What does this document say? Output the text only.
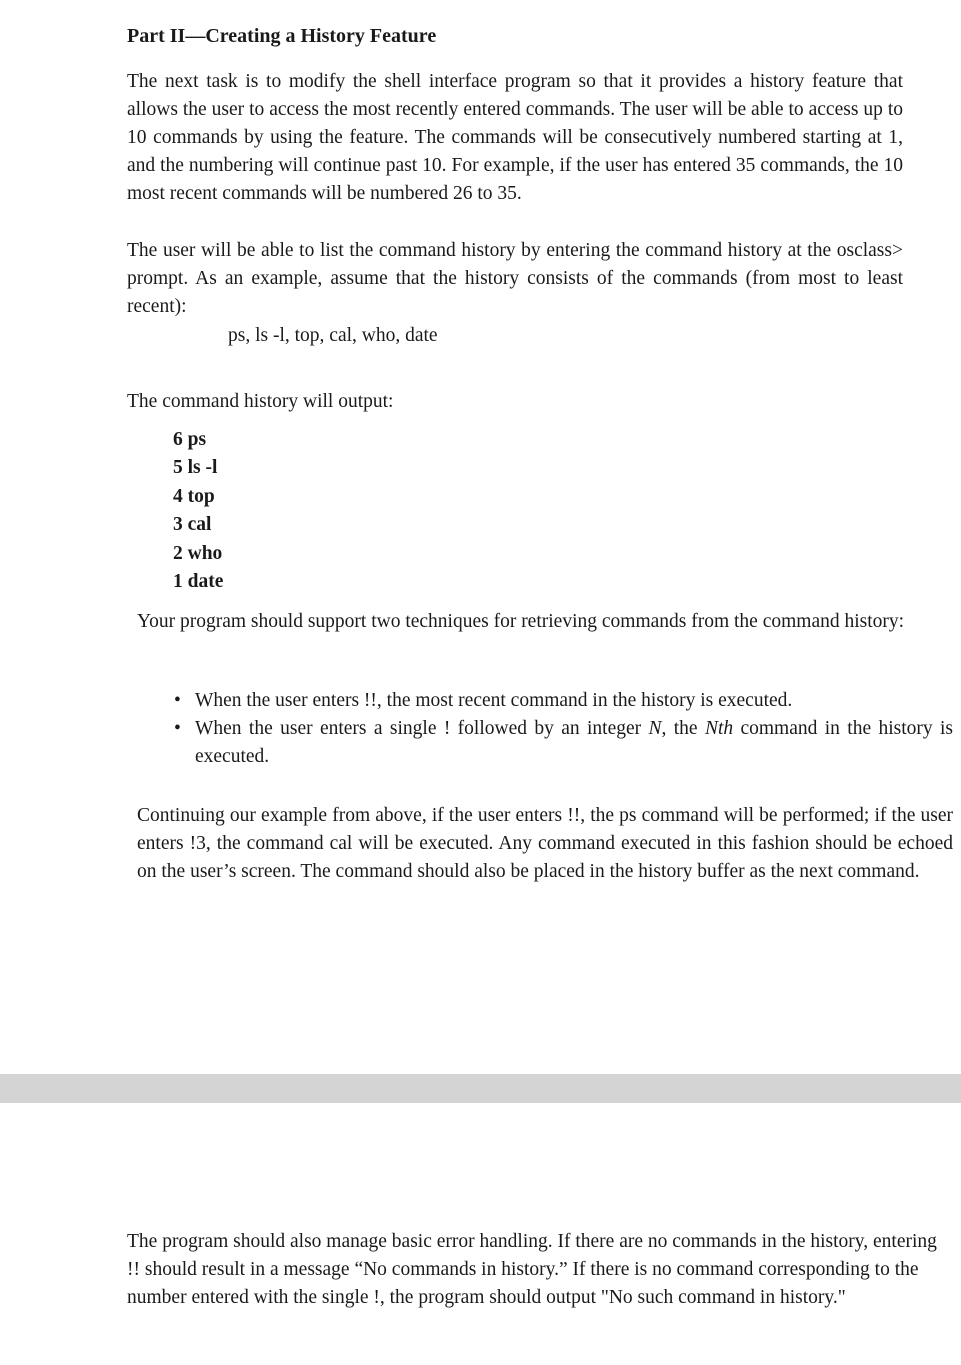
Part II—Creating a History Feature

The next task is to modify the shell interface program so that it provides a history feature that allows the user to access the most recently entered commands. The user will be able to access up to 10 commands by using the feature. The commands will be consecutively numbered starting at 1, and the numbering will continue past 10. For example, if the user has entered 35 commands, the 10 most recent commands will be numbered 26 to 35.

The user will be able to list the command history by entering the command history at the osclass> prompt. As an example, assume that the history consists of the commands (from most to least recent):

ps, ls -l, top, cal, who, date
The command history will output:
6 ps
5 ls -l
4 top
3 cal
2 who
1 date

Your program should support two techniques for retrieving commands from the command history:

• When the user enters !!, the most recent command in the history is executed.
• When the user enters a single ! followed by an integer N, the Nth command in the history is executed.

Continuing our example from above, if the user enters !!, the ps command will be performed; if the user enters !3, the command cal will be executed. Any command executed in this fashion should be echoed on the user’s screen. The command should also be placed in the history buffer as the next command.

The program should also manage basic error handling. If there are no commands in the history, entering !! should result in a message “No commands in history.” If there is no command corresponding to the number entered with the single !, the program should output "No such command in history."
